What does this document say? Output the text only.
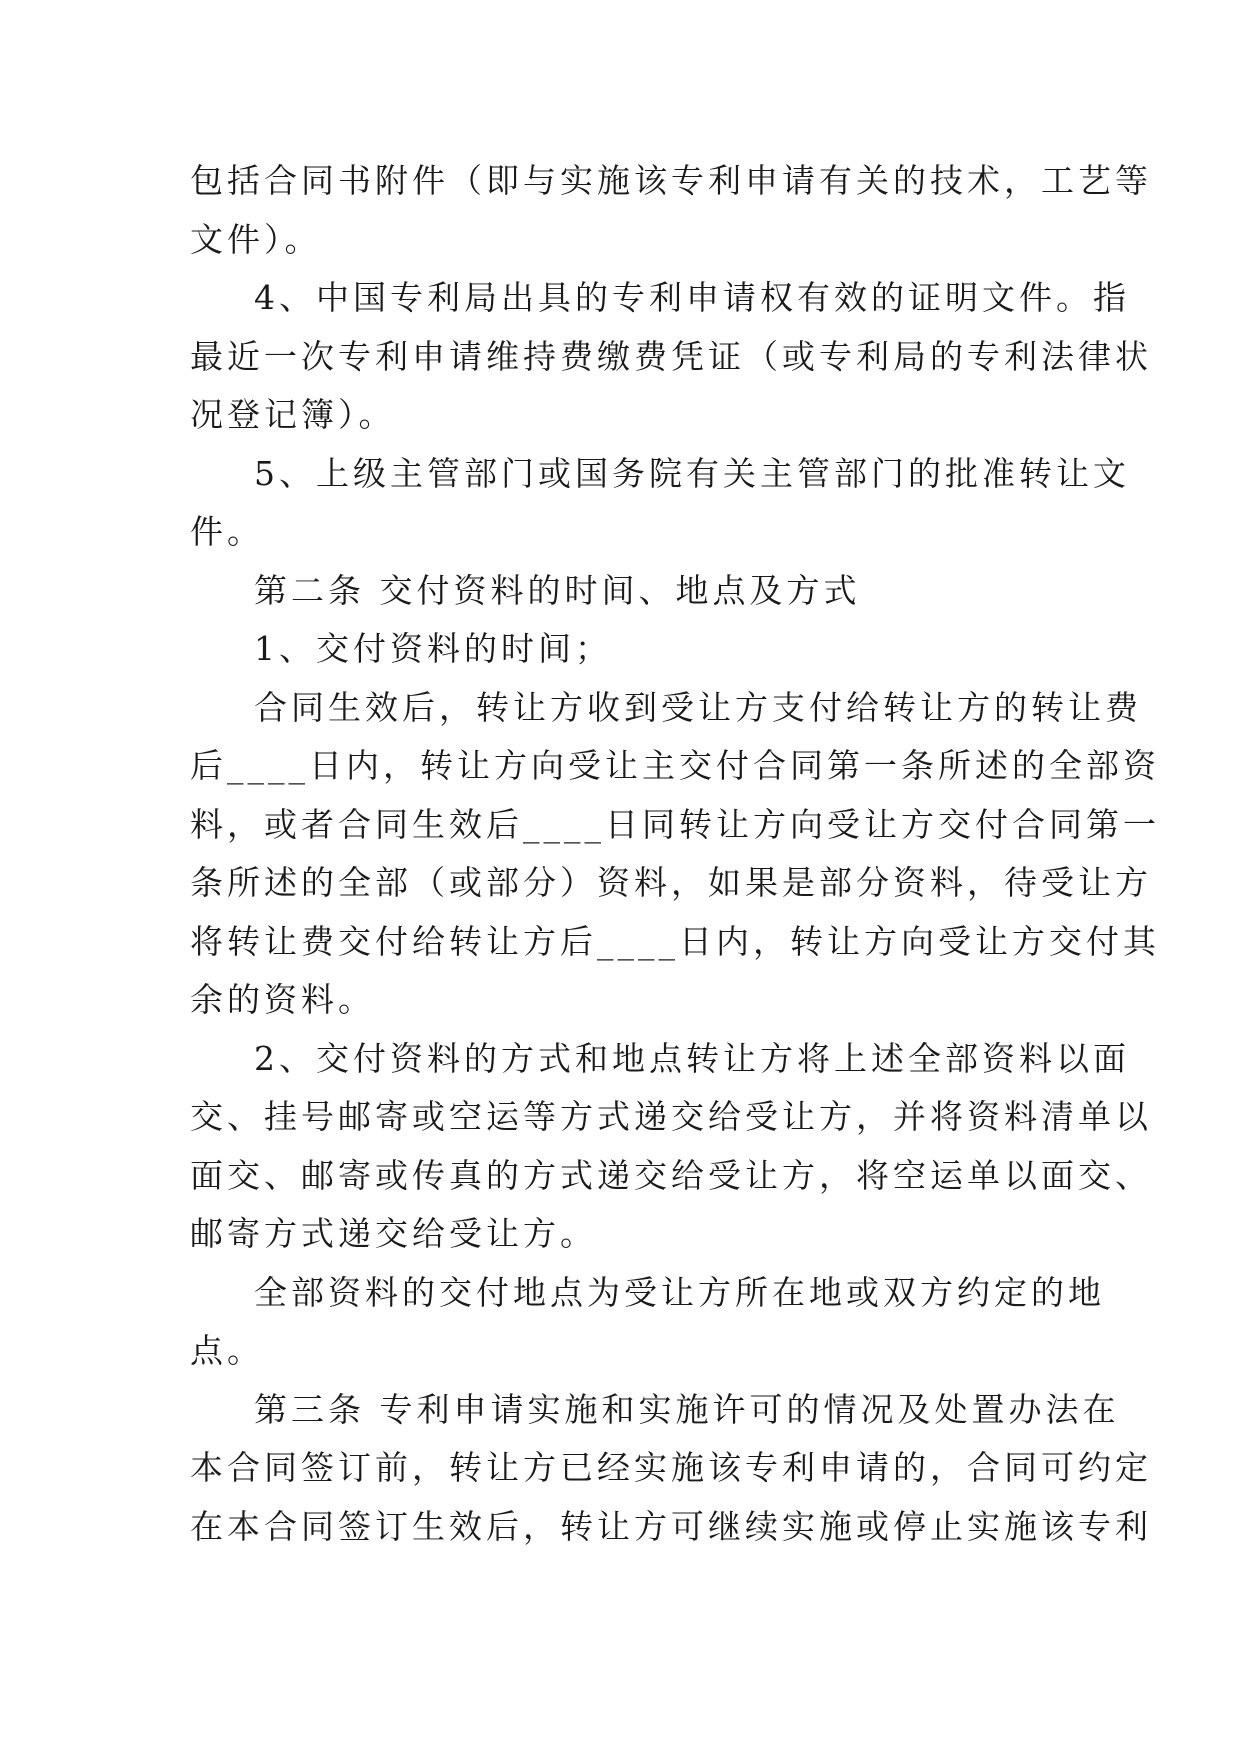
包括合同书附件（即与实施该专利申请有关的技术，工艺等
文件）。
4、中国专利局出具的专利申请权有效的证明文件。指
最近一次专利申请维持费缴费凭证（或专利局的专利法律状
况登记簿）。
5、上级主管部门或国务院有关主管部门的批准转让文
件。
第二条 交付资料的时间、地点及方式
1、交付资料的时间；
合同生效后，转让方收到受让方支付给转让方的转让费
后____日内，转让方向受让主交付合同第一条所述的全部资
料，或者合同生效后____日同转让方向受让方交付合同第一
条所述的全部（或部分）资料，如果是部分资料，待受让方
将转让费交付给转让方后____日内，转让方向受让方交付其
余的资料。
2、交付资料的方式和地点转让方将上述全部资料以面
交、挂号邮寄或空运等方式递交给受让方，并将资料清单以
面交、邮寄或传真的方式递交给受让方，将空运单以面交、
邮寄方式递交给受让方。
全部资料的交付地点为受让方所在地或双方约定的地
点。
第三条 专利申请实施和实施许可的情况及处置办法在
本合同签订前，转让方已经实施该专利申请的，合同可约定
在本合同签订生效后，转让方可继续实施或停止实施该专利
